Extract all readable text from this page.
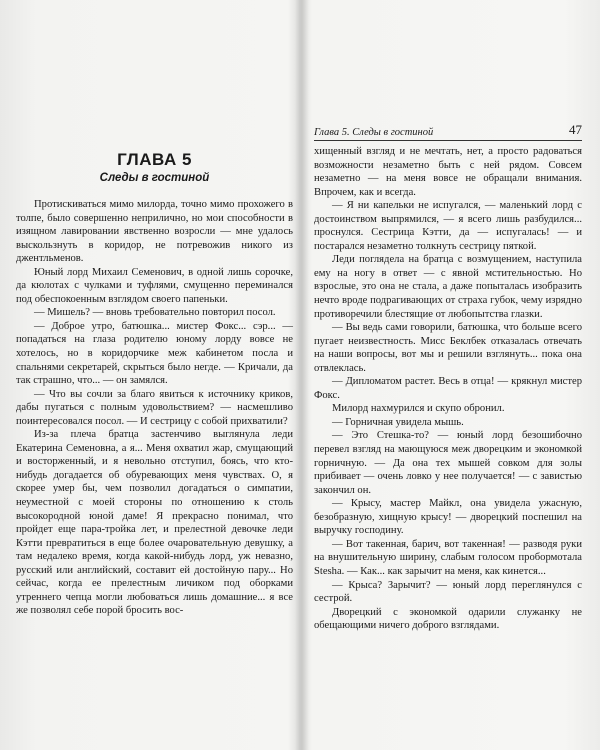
ГЛАВА 5
Следы в гостиной

Протискиваться мимо милорда, точно мимо прохожего в толпе, было совершенно неприлично, но мои способности в изящном лавировании явственно возросли — мне удалось выскользнуть в коридор, не потревожив никого из джентльменов.

Юный лорд Михаил Семенович, в одной лишь сорочке, да кюлотах с чулками и туфлями, смущенно переминался под обеспокоенным взглядом своего папеньки.

— Мишель? — вновь требовательно повторил посол.

— Доброе утро, батюшка... мистер Фокс... сэр... — попадаться на глаза родителю юному лорду вовсе не хотелось, но в коридорчике меж кабинетом посла и спальнями секретарей, скрыться было негде. — Кричали, да так страшно, что... — он замялся.

— Что вы сочли за благо явиться к источнику криков, дабы пугаться с полным удовольствием? — насмешливо поинтересовался посол. — И сестрицу с собой прихватили?

Из-за плеча братца застенчиво выглянула леди Екатерина Семеновна, а я... Меня охватил жар, смущающий и восторженный, и я невольно отступил, боясь, что кто-нибудь догадается об обуревающих меня чувствах. О, я скорее умер бы, чем позволил догадаться о симпатии, неуместной с моей стороны по отношению к столь высокородной юной даме! Я прекрасно понимал, что пройдет еще пара-тройка лет, и прелестной девочке леди Кэтти превратиться в еще более очаровательную девушку, а там недалеко время, когда какой-нибудь лорд, уж невазно, русский или английский, составит ей достойную пару... Но сейчас, когда ее прелестным личиком под оборками утреннего чепца могли любоваться лишь домашние... я все же позволял себе порой бросить вос-

Глава 5. Следы в гостиной	47

хищенный взгляд и не мечтать, нет, а просто радоваться возможности незаметно быть с ней рядом. Совсем незаметно — на меня вовсе не обращали внимания. Впрочем, как и всегда.

— Я ни капельки не испугался, — маленький лорд с достоинством выпрямился, — я всего лишь разбудился... проснулся. Сестрица Кэтти, да — испугалась! — и постарался незаметно толкнуть сестрицу пяткой.

Леди поглядела на братца с возмущением, наступила ему на ногу в ответ — с явной мстительностью. Но взрослые, это она не стала, а даже попыталась изобразить нечто вроде подрагивающих от страха губок, чему изрядно противоречили блестящие от любопытства глазки.

— Вы ведь сами говорили, батюшка, что больше всего пугает неизвестность. Мисс Беклбек отказалась отвечать на наши вопросы, вот мы и решили взглянуть... пока она отвлеклась.

— Дипломатом растет. Весь в отца! — крякнул мистер Фокс.

Милорд нахмурился и скупо обронил.

— Горничная увидела мышь.

— Это Стешка-то? — юный лорд безошибочно перевел взгляд на мающуюся меж дворецким и экономкой горничную. — Да она тех мышей совком для золы прибивает — очень ловко у нее получается! — с завистью закончил он.

— Крысу, мастер Майкл, она увидела ужасную, безобразную, хищную крысу! — дворецкий поспешил на выручку господину.

— Вот такенная, барич, вот такенная! — разводя руки на внушительную ширину, слабым голосом пробормотала Stesha. — Как... как зарычит на меня, как кинется...

— Крыса? Зарычит? — юный лорд переглянулся с сестрой.

Дворецкий с экономкой одарили служанку не обещающими ничего доброго взглядами.
